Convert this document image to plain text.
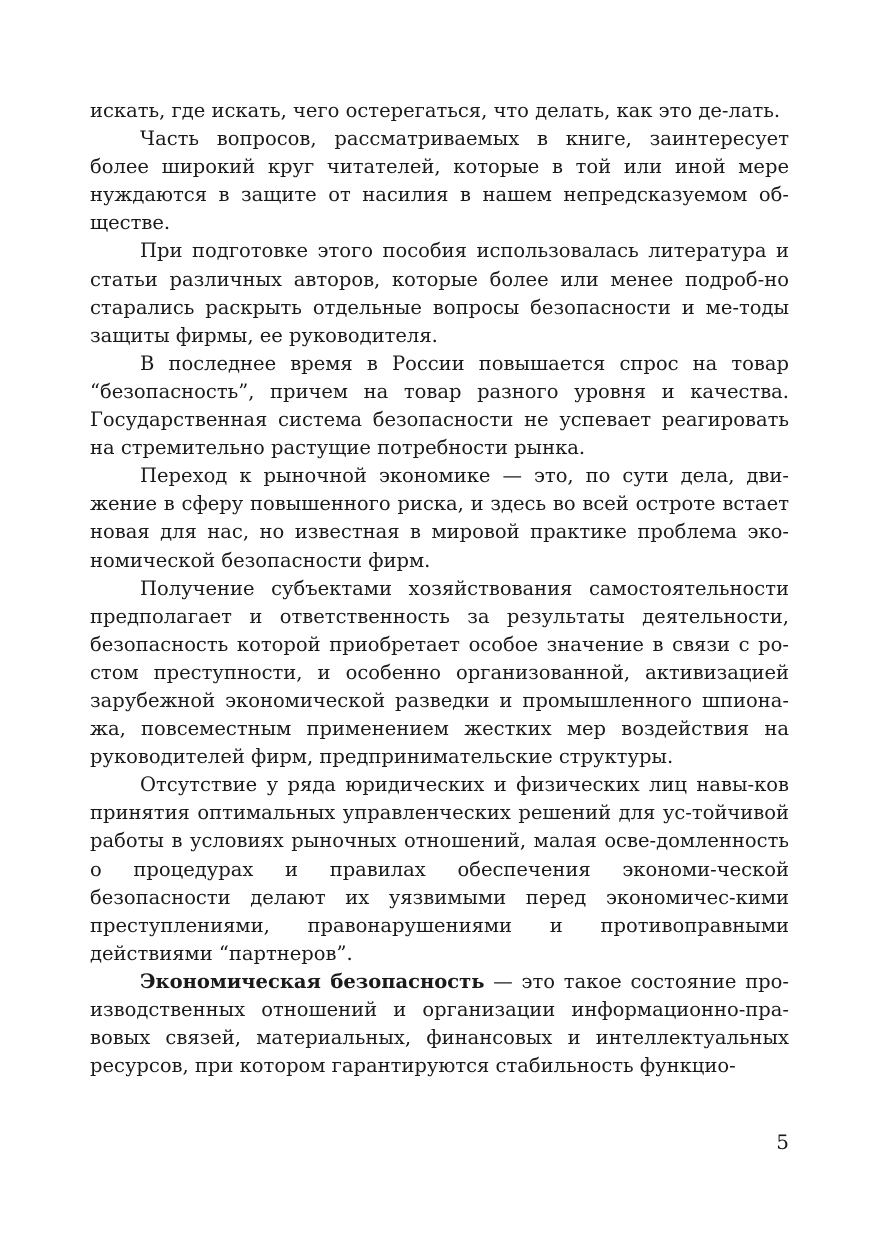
искать, где искать, чего остерегаться, что делать, как это де-лать.

Часть вопросов, рассматриваемых в книге, заинтересует более широкий круг читателей, которые в той или иной мере нуждаются в защите от насилия в нашем непредсказуемом об-ществе.

При подготовке этого пособия использовалась литература и статьи различных авторов, которые более или менее подроб-но старались раскрыть отдельные вопросы безопасности и ме-тоды защиты фирмы, ее руководителя.

В последнее время в России повышается спрос на товар “безопасность”, причем на товар разного уровня и качества. Государственная система безопасности не успевает реагировать на стремительно растущие потребности рынка.

Переход к рыночной экономике — это, по сути дела, дви-жение в сферу повышенного риска, и здесь во всей остроте встает новая для нас, но известная в мировой практике проблема эко-номической безопасности фирм.

Получение субъектами хозяйствования самостоятельности предполагает и ответственность за результаты деятельности, безопасность которой приобретает особое значение в связи с ро-стом преступности, и особенно организованной, активизацией зарубежной экономической разведки и промышленного шпиона-жа, повсеместным применением жестких мер воздействия на руководителей фирм, предпринимательские структуры.

Отсутствие у ряда юридических и физических лиц навы-ков принятия оптимальных управленческих решений для ус-тойчивой работы в условиях рыночных отношений, малая осве-домленность о процедурах и правилах обеспечения экономи-ческой безопасности делают их уязвимыми перед экономичес-кими преступлениями, правонарушениями и противоправными действиями “партнеров”.

Экономическая безопасность — это такое состояние про-изводственных отношений и организации информационно-пра-вовых связей, материальных, финансовых и интеллектуальных ресурсов, при котором гарантируются стабильность функцио-

5
